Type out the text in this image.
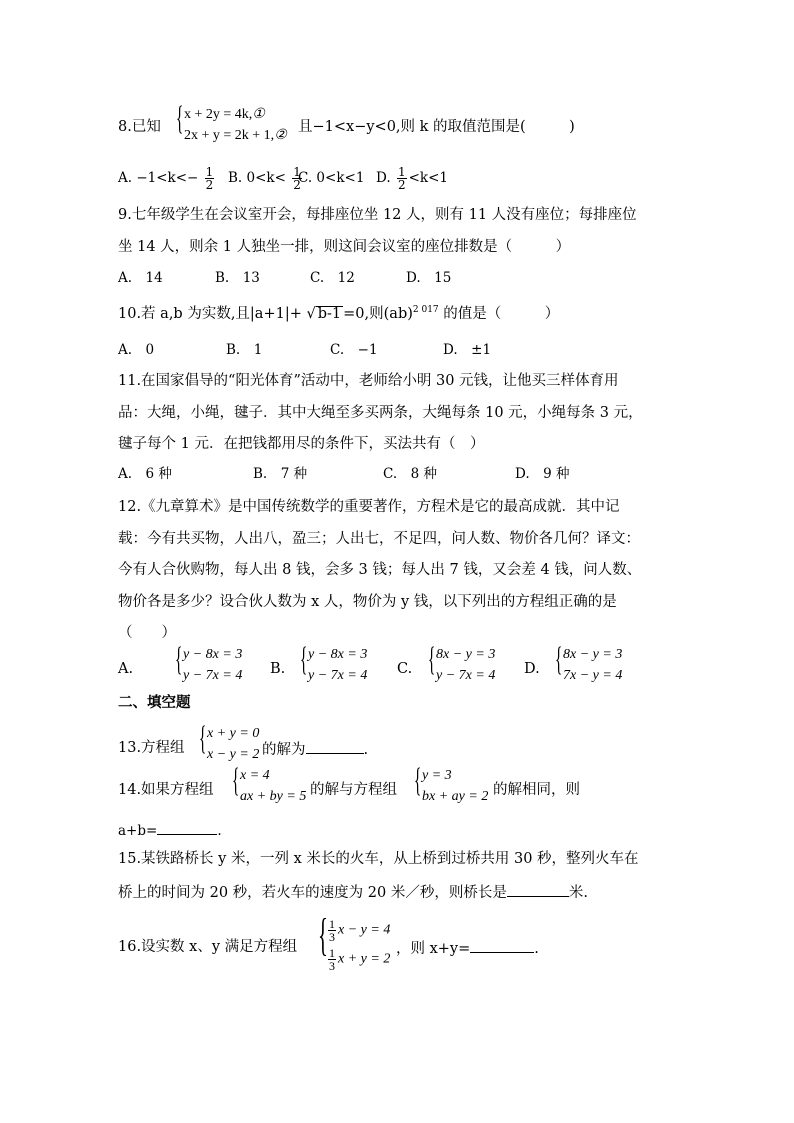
8.已知 { x + 2y = 4k,①
2x + y = 2k + 1,②
且−1<x−y<0,则 k 的取值范围是(　　　)
A. $-1<k<- \frac{1}{2} B$. $0<k< \frac{1}{2}$
C. 0<k<1 D. $\frac{1}{2} <k<1$
9.七年级学生在会议室开会，每排座位坐 12 人，则有 11 人没有座位；每排座位
坐 14 人，则余 1 人独坐一排，则这间会议室的座位排数是（　　　）
A.　14	B.　13	C.　12	D.　15
10.若 a,b 为实数,且|a+1|+ √ b-1 =0,则(ab)$^{2 017}$ 的值是（　　　）
A.　0	B.　1	C.　−1	D.　±1
11.在国家倡导的“阳光体育”活动中，老师给小明 30 元钱，让他买三样体育用
品：大绳，小绳，毽子．其中大绳至多买两条，大绳每条 10 元，小绳每条 3 元，
毽子每个 1 元．在把钱都用尽的条件下，买法共有（　）
A.　6 种	B.　7 种	C.　8 种	D.　9 种
12.《九章算术》是中国传统数学的重要著作，方程术是它的最高成就．其中记
载：今有共买物，人出八，盈三；人出七，不足四，问人数、物价各几何？译文：
今有人合伙购物，每人出 8 钱，会多 3 钱；每人出 7 钱，又会差 4 钱，问人数、
物价各是多少？设合伙人数为 x 人，物价为 y 钱，以下列出的方程组正确的是
（　　）
A. { y − 8x = 3
y − 7x = 4 B. { y − 8x = 3
y − 7x = 4 C. { 8x − y = 3
y − 7x = 4 D. { 8x − y = 3
7x − y = 4
二、填空题
13.方程组 { x + y = 0
x − y = 2 的解为	.
14.如果方程组 { x = 4
ax + by = 5 的解与方程组 { y = 3
bx + ay = 2 的解相同，则
a+b=	.
15.某铁路桥长 y 米，一列 x 米长的火车，从上桥到过桥共用 30 秒，整列火车在
桥上的时间为 20 秒，若火车的速度为 20 米／秒，则桥长是	米.
16.设实数 x、y 满足方程组 { $\frac{1}{3}$ x − y = 4
$\frac{1}{3}$ x + y = 2
，则 x+y=	.
